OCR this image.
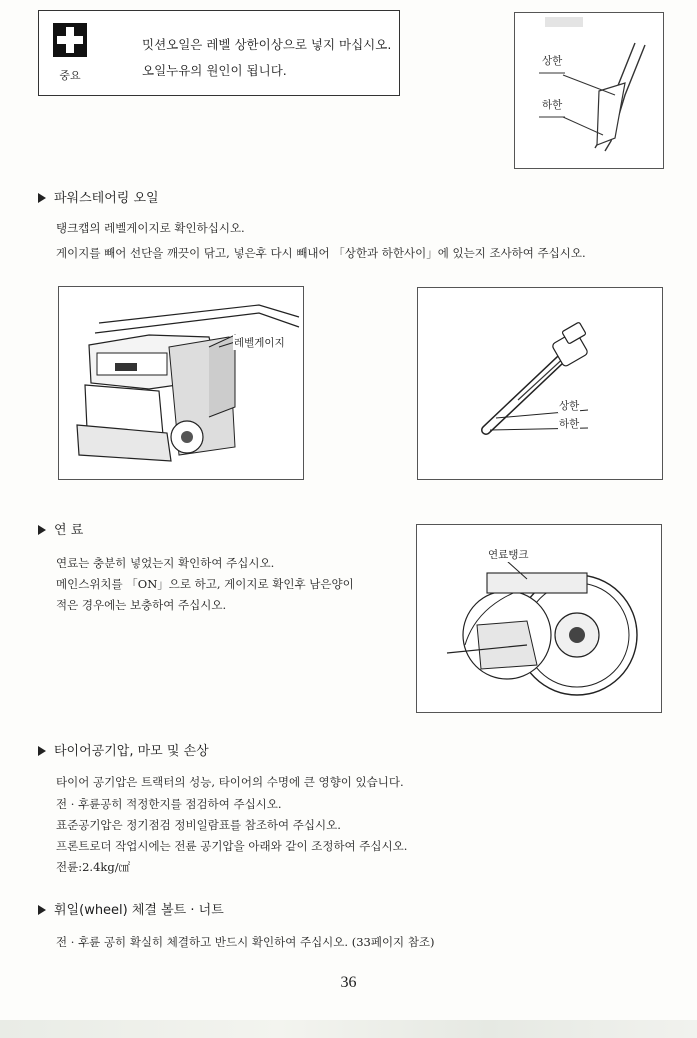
중요
밋션오일은 레벨 상한이상으로 넣지 마십시오.
오일누유의 원인이 됩니다.
상한
하한
파워스테어링 오일
탱크캡의 레벨게이지로 확인하십시오.
게이지를 빼어 선단을 깨끗이 닦고, 넣은후 다시 빼내어 「상한과 하한사이」에 있는지 조사하여 주십시오.
레벨게이지
상한
하한
연 료
연료는 충분히 넣었는지 확인하여 주십시오.
메인스위치를 「ON」으로 하고, 게이지로 확인후 남은양이
적은 경우에는 보충하여 주십시오.
연료탱크
타이어공기압, 마모 및 손상
타이어 공기압은 트랙터의 성능, 타이어의 수명에 큰 영향이 있습니다.
전 · 후륜공히 적정한지를 점검하여 주십시오.
표준공기압은 정기점검 정비일람표를 참조하여 주십시오.
프론트로더 작업시에는 전륜 공기압을 아래와 같이 조정하여 주십시오.
전륜:2.4kg/㎠
휘일(wheel) 체결 볼트 · 너트
전 · 후륜 공히 확실히 체결하고 반드시 확인하여 주십시오. (33페이지 참조)
36
